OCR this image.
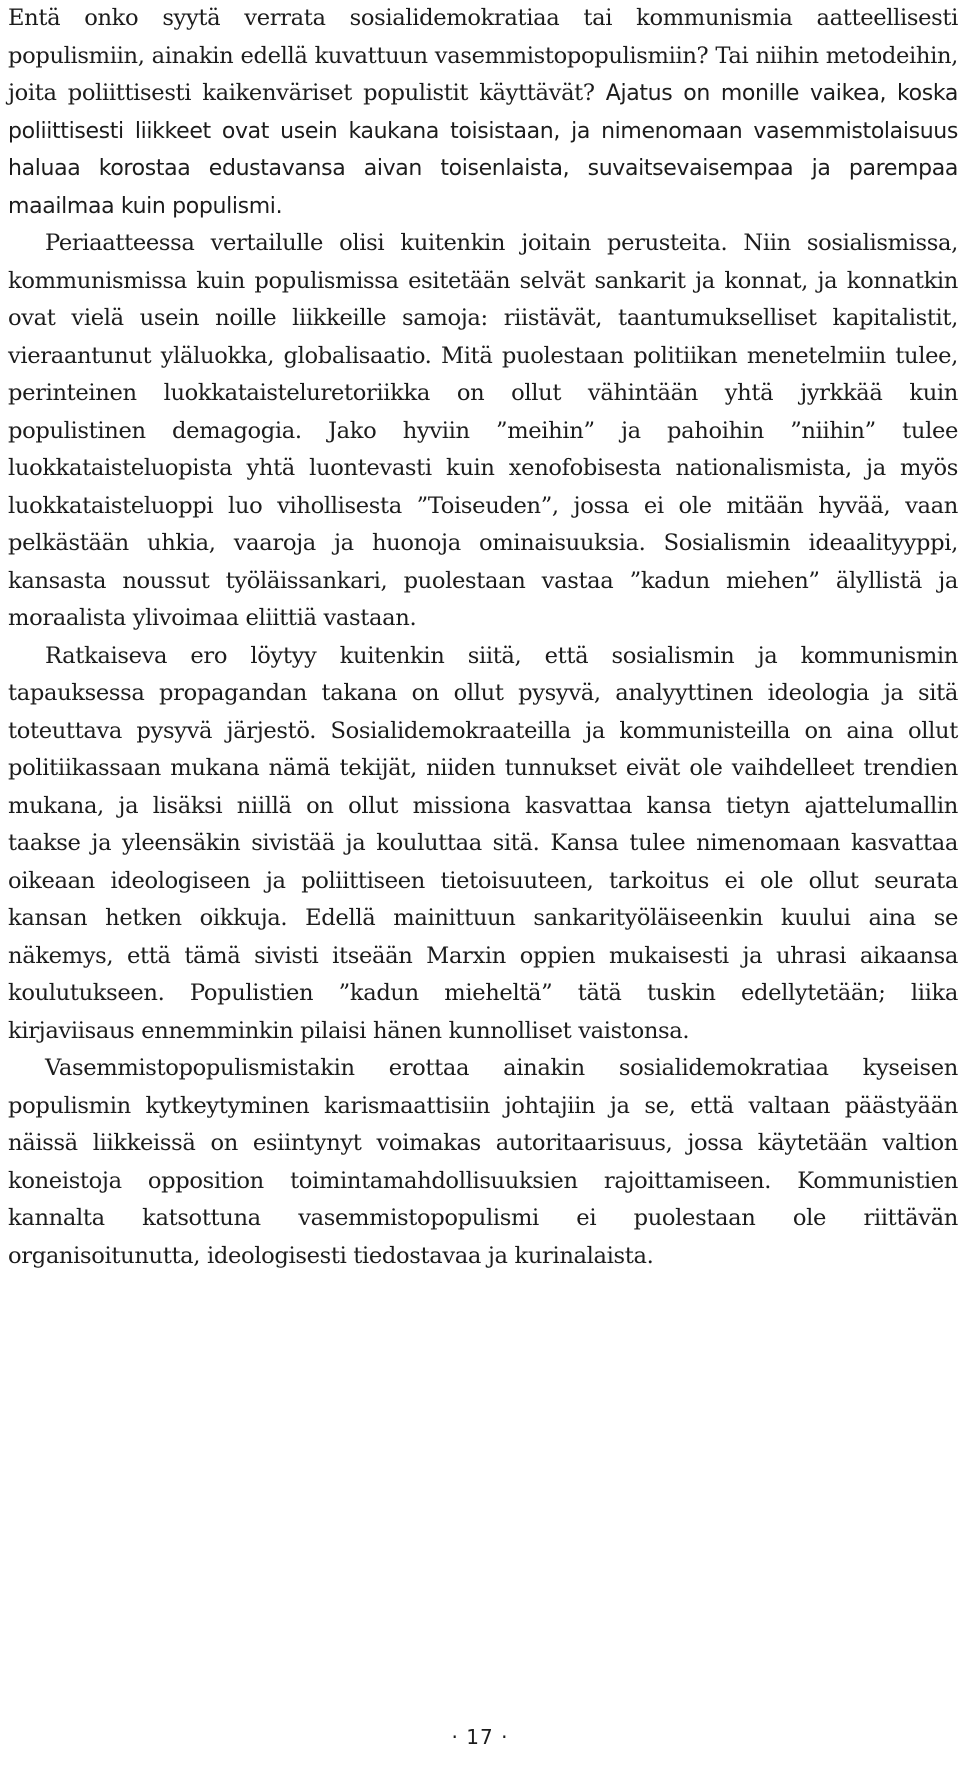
Entä onko syytä verrata sosialidemokratiaa tai kommunismia aatteellisesti populismiin, ainakin edellä kuvattuun vasemmistopopulismiin? Tai niihin metodeihin, joita poliittisesti kaikenväriset populistit käyttävät? Ajatus on monille vaikea, koska poliittisesti liikkeet ovat usein kaukana toisistaan, ja nimenomaan vasemmistolaisuus haluaa korostaa edustavansa aivan toisenlaista, suvaitsevaisempaa ja parempaa maailmaa kuin populismi.

Periaatteessa vertailulle olisi kuitenkin joitain perusteita. Niin sosialismissa, kommunismissa kuin populismissa esitetään selvät sankarit ja konnat, ja konnatkin ovat vielä usein noille liikkeille samoja: riistävät, taantumukselliset kapitalistit, vieraantunut yläluokka, globalisaatio. Mitä puolestaan politiikan menetelmiin tulee, perinteinen luokkataisteluretoriikka on ollut vähintään yhtä jyrkkää kuin populistinen demagogia. Jako hyviin ”meihin” ja pahoihin ”niihin” tulee luokkataisteluopista yhtä luontevasti kuin xenofobisesta nationalismista, ja myös luokkataisteluoppi luo vihollisesta ”Toiseuden”, jossa ei ole mitään hyvää, vaan pelkästään uhkia, vaaroja ja huonoja ominaisuuksia. Sosialismin ideaalityyppi, kansasta noussut työläissankari, puolestaan vastaa ”kadun miehen” älyllistä ja moraalista ylivoimaa eliittiä vastaan.

Ratkaiseva ero löytyy kuitenkin siitä, että sosialismin ja kommunismin tapauksessa propagandan takana on ollut pysyvä, analyyttinen ideologia ja sitä toteuttava pysyvä järjestö. Sosialidemokraateilla ja kommunisteilla on aina ollut politiikassaan mukana nämä tekijät, niiden tunnukset eivät ole vaihdelleet trendien mukana, ja lisäksi niillä on ollut missiona kasvattaa kansa tietyn ajattelumallin taakse ja yleensäkin sivistää ja kouluttaa sitä. Kansa tulee nimenomaan kasvattaa oikeaan ideologiseen ja poliittiseen tietoisuuteen, tarkoitus ei ole ollut seurata kansan hetken oikkuja. Edellä mainittuun sankarityöläiseenkin kuului aina se näkemys, että tämä sivisti itseään Marxin oppien mukaisesti ja uhrasi aikaansa koulutukseen. Populistien ”kadun mieheltä” tätä tuskin edellytetään; liika kirjaviisaus ennemminkin pilaisi hänen kunnolliset vaistonsa.

Vasemmistopopulismistakin erottaa ainakin sosialidemokratiaa kyseisen populismin kytkeytyminen karismaattisiin johtajiin ja se, että valtaan päästyään näissä liikkeissä on esiintynyt voimakas autoritaarisuus, jossa käytetään valtion koneistoja opposition toimintamahdollisuuksien rajoittamiseen. Kommunistien kannalta katsottuna vasemmistopopulismi ei puolestaan ole riittävän organisoitunutta, ideologisesti tiedostavaa ja kurinalaista.

· 17 ·
